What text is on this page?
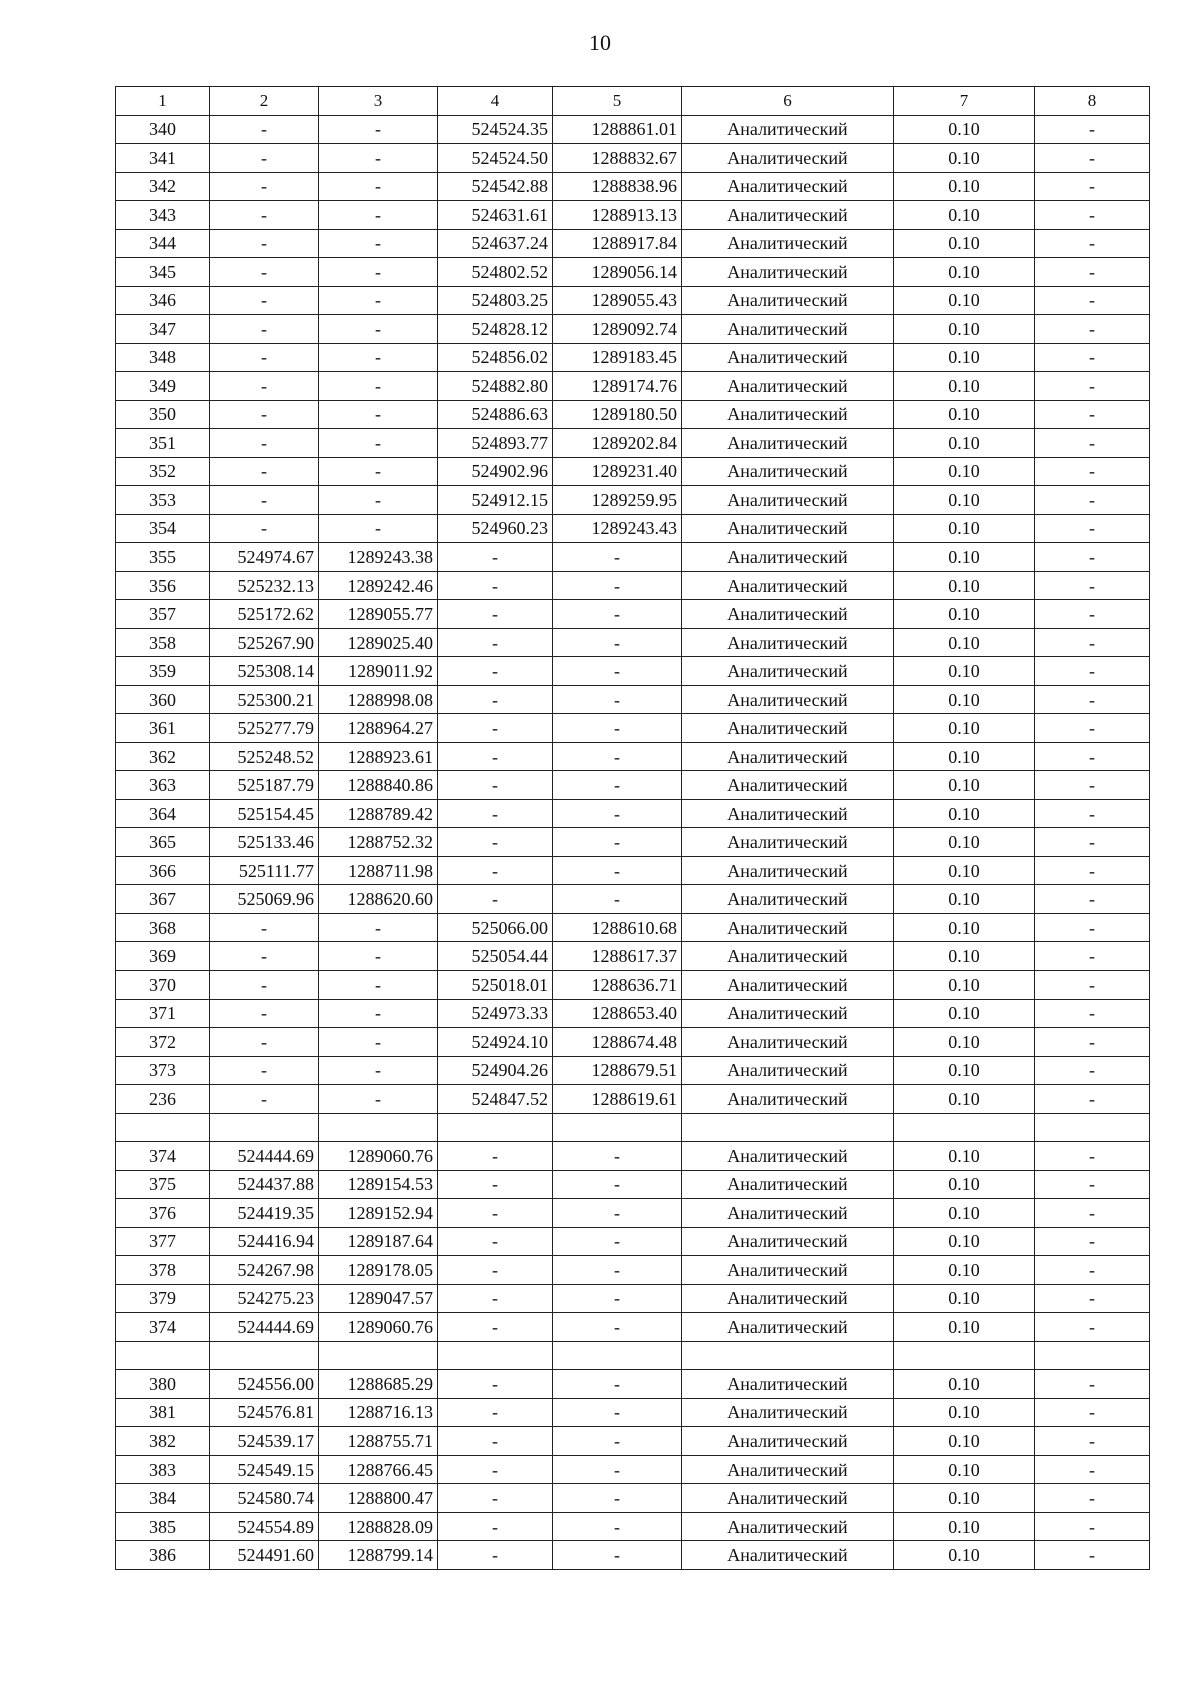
10
1	2	3	4	5	6	7	8
340	-	-	524524.35	1288861.01	Аналитический	0.10	-
341	-	-	524524.50	1288832.67	Аналитический	0.10	-
342	-	-	524542.88	1288838.96	Аналитический	0.10	-
343	-	-	524631.61	1288913.13	Аналитический	0.10	-
344	-	-	524637.24	1288917.84	Аналитический	0.10	-
345	-	-	524802.52	1289056.14	Аналитический	0.10	-
346	-	-	524803.25	1289055.43	Аналитический	0.10	-
347	-	-	524828.12	1289092.74	Аналитический	0.10	-
348	-	-	524856.02	1289183.45	Аналитический	0.10	-
349	-	-	524882.80	1289174.76	Аналитический	0.10	-
350	-	-	524886.63	1289180.50	Аналитический	0.10	-
351	-	-	524893.77	1289202.84	Аналитический	0.10	-
352	-	-	524902.96	1289231.40	Аналитический	0.10	-
353	-	-	524912.15	1289259.95	Аналитический	0.10	-
354	-	-	524960.23	1289243.43	Аналитический	0.10	-
355	524974.67	1289243.38	-	-	Аналитический	0.10	-
356	525232.13	1289242.46	-	-	Аналитический	0.10	-
357	525172.62	1289055.77	-	-	Аналитический	0.10	-
358	525267.90	1289025.40	-	-	Аналитический	0.10	-
359	525308.14	1289011.92	-	-	Аналитический	0.10	-
360	525300.21	1288998.08	-	-	Аналитический	0.10	-
361	525277.79	1288964.27	-	-	Аналитический	0.10	-
362	525248.52	1288923.61	-	-	Аналитический	0.10	-
363	525187.79	1288840.86	-	-	Аналитический	0.10	-
364	525154.45	1288789.42	-	-	Аналитический	0.10	-
365	525133.46	1288752.32	-	-	Аналитический	0.10	-
366	525111.77	1288711.98	-	-	Аналитический	0.10	-
367	525069.96	1288620.60	-	-	Аналитический	0.10	-
368	-	-	525066.00	1288610.68	Аналитический	0.10	-
369	-	-	525054.44	1288617.37	Аналитический	0.10	-
370	-	-	525018.01	1288636.71	Аналитический	0.10	-
371	-	-	524973.33	1288653.40	Аналитический	0.10	-
372	-	-	524924.10	1288674.48	Аналитический	0.10	-
373	-	-	524904.26	1288679.51	Аналитический	0.10	-
236	-	-	524847.52	1288619.61	Аналитический	0.10	-

374	524444.69	1289060.76	-	-	Аналитический	0.10	-
375	524437.88	1289154.53	-	-	Аналитический	0.10	-
376	524419.35	1289152.94	-	-	Аналитический	0.10	-
377	524416.94	1289187.64	-	-	Аналитический	0.10	-
378	524267.98	1289178.05	-	-	Аналитический	0.10	-
379	524275.23	1289047.57	-	-	Аналитический	0.10	-
374	524444.69	1289060.76	-	-	Аналитический	0.10	-

380	524556.00	1288685.29	-	-	Аналитический	0.10	-
381	524576.81	1288716.13	-	-	Аналитический	0.10	-
382	524539.17	1288755.71	-	-	Аналитический	0.10	-
383	524549.15	1288766.45	-	-	Аналитический	0.10	-
384	524580.74	1288800.47	-	-	Аналитический	0.10	-
385	524554.89	1288828.09	-	-	Аналитический	0.10	-
386	524491.60	1288799.14	-	-	Аналитический	0.10	-
